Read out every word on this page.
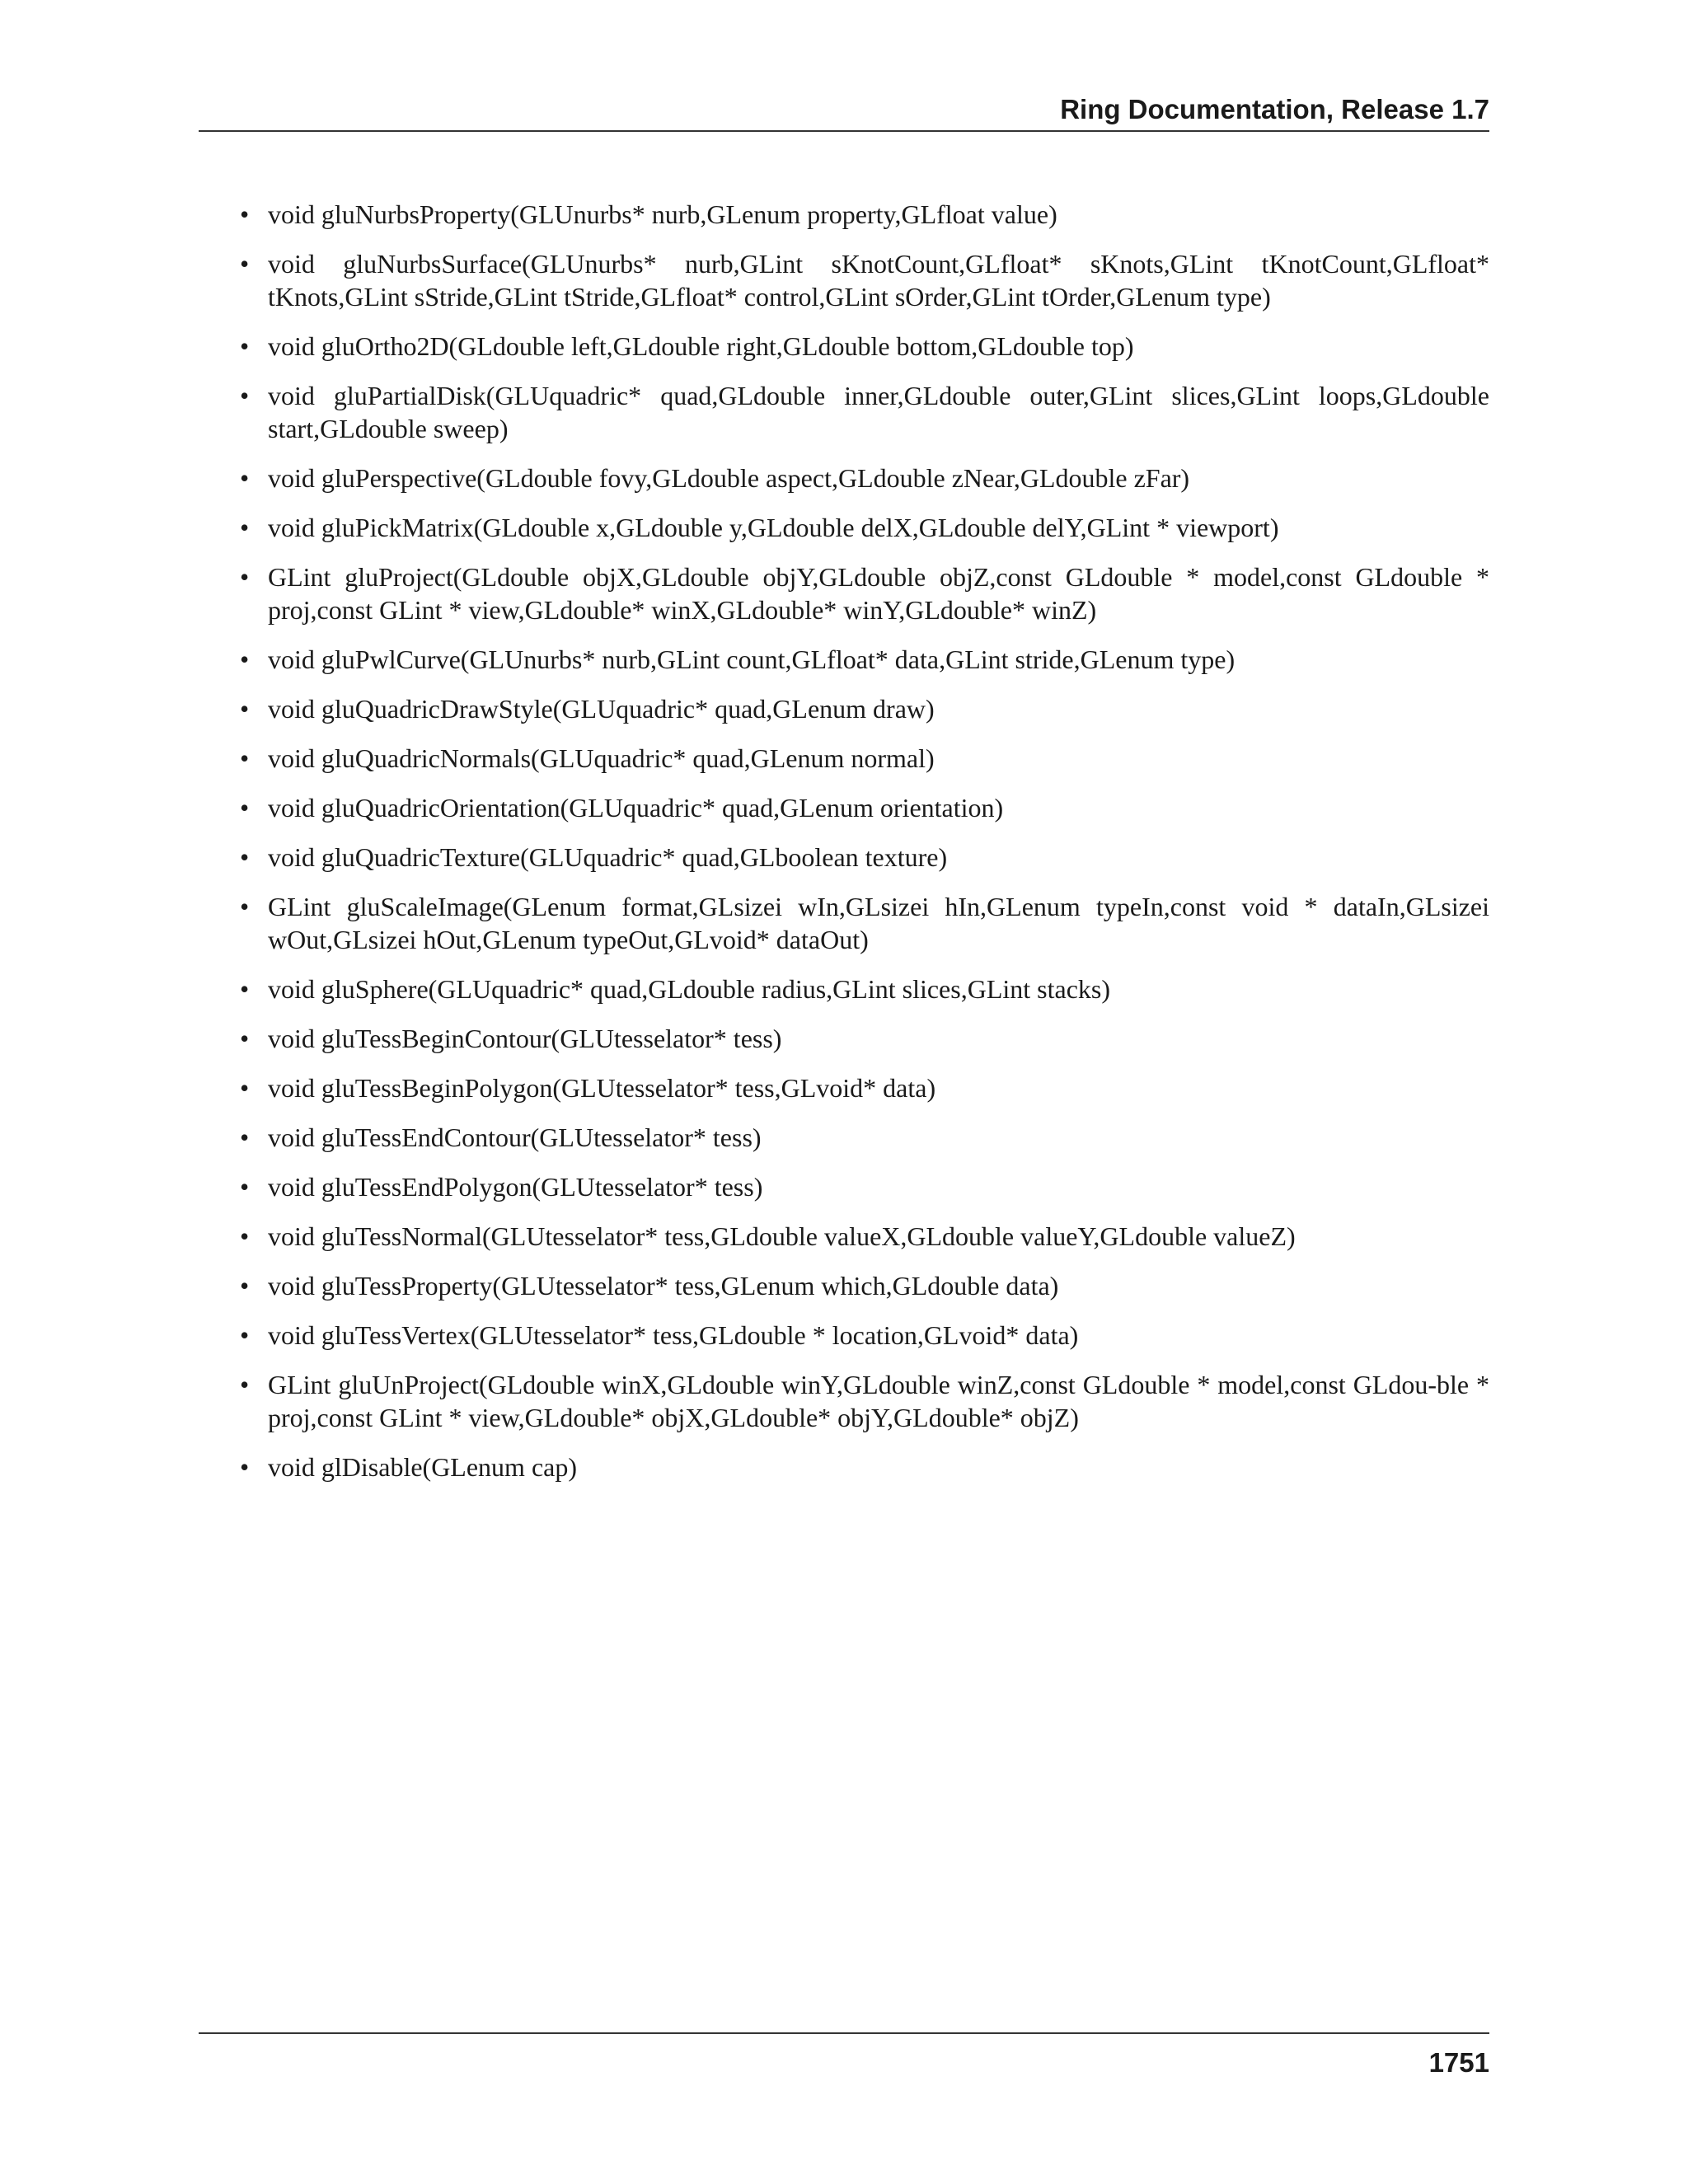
Ring Documentation, Release 1.7
• void gluNurbsProperty(GLUnurbs* nurb,GLenum property,GLfloat value)
• void gluNurbsSurface(GLUnurbs* nurb,GLint sKnotCount,GLfloat* sKnots,GLint tKnotCount,GLfloat* tKnots,GLint sStride,GLint tStride,GLfloat* control,GLint sOrder,GLint tOrder,GLenum type)
• void gluOrtho2D(GLdouble left,GLdouble right,GLdouble bottom,GLdouble top)
• void gluPartialDisk(GLUquadric* quad,GLdouble inner,GLdouble outer,GLint slices,GLint loops,GLdouble start,GLdouble sweep)
• void gluPerspective(GLdouble fovy,GLdouble aspect,GLdouble zNear,GLdouble zFar)
• void gluPickMatrix(GLdouble x,GLdouble y,GLdouble delX,GLdouble delY,GLint * viewport)
• GLint gluProject(GLdouble objX,GLdouble objY,GLdouble objZ,const GLdouble * model,const GLdouble * proj,const GLint * view,GLdouble* winX,GLdouble* winY,GLdouble* winZ)
• void gluPwlCurve(GLUnurbs* nurb,GLint count,GLfloat* data,GLint stride,GLenum type)
• void gluQuadricDrawStyle(GLUquadric* quad,GLenum draw)
• void gluQuadricNormals(GLUquadric* quad,GLenum normal)
• void gluQuadricOrientation(GLUquadric* quad,GLenum orientation)
• void gluQuadricTexture(GLUquadric* quad,GLboolean texture)
• GLint gluScaleImage(GLenum format,GLsizei wIn,GLsizei hIn,GLenum typeIn,const void * dataIn,GLsizei wOut,GLsizei hOut,GLenum typeOut,GLvoid* dataOut)
• void gluSphere(GLUquadric* quad,GLdouble radius,GLint slices,GLint stacks)
• void gluTessBeginContour(GLUtesselator* tess)
• void gluTessBeginPolygon(GLUtesselator* tess,GLvoid* data)
• void gluTessEndContour(GLUtesselator* tess)
• void gluTessEndPolygon(GLUtesselator* tess)
• void gluTessNormal(GLUtesselator* tess,GLdouble valueX,GLdouble valueY,GLdouble valueZ)
• void gluTessProperty(GLUtesselator* tess,GLenum which,GLdouble data)
• void gluTessVertex(GLUtesselator* tess,GLdouble * location,GLvoid* data)
• GLint gluUnProject(GLdouble winX,GLdouble winY,GLdouble winZ,const GLdouble * model,const GLdou-ble * proj,const GLint * view,GLdouble* objX,GLdouble* objY,GLdouble* objZ)
• void glDisable(GLenum cap)
1751
